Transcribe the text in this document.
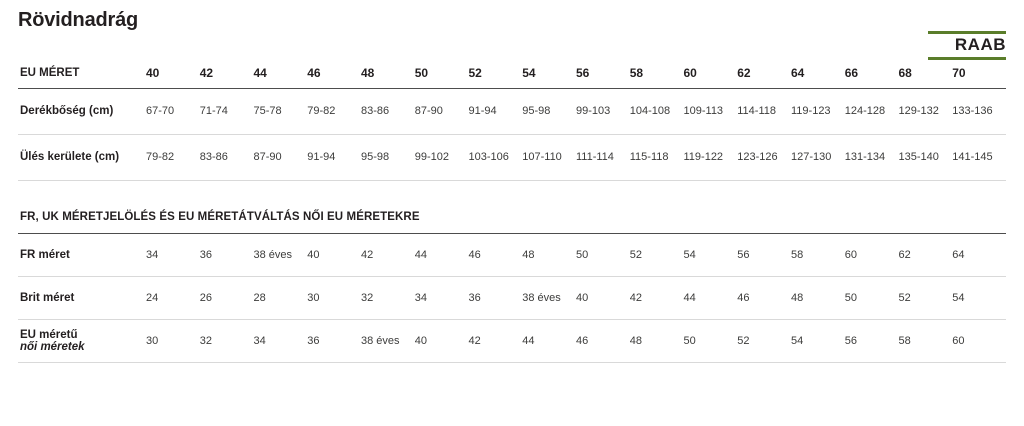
Rövidnadrág
RAAB
EU MÉRET	40	42	44	46	48	50	52	54	56	58	60	62	64	66	68	70
Derékbőség (cm)	67-70	71-74	75-78	79-82	83-86	87-90	91-94	95-98	99-103	104-108	109-113	114-118	119-123	124-128	129-132	133-136
Ülés kerülete (cm)	79-82	83-86	87-90	91-94	95-98	99-102	103-106	107-110	111-114	115-118	119-122	123-126	127-130	131-134	135-140	141-145
FR, UK MÉRETJELÖLÉS ÉS EU MÉRETÁTVÁLTÁS NŐI EU MÉRETEKRE
FR méret	34	36	38 éves	40	42	44	46	48	50	52	54	56	58	60	62	64
Brit méret	24	26	28	30	32	34	36	38 éves	40	42	44	46	48	50	52	54
EU méretű
női méretek	30	32	34	36	38 éves	40	42	44	46	48	50	52	54	56	58	60
